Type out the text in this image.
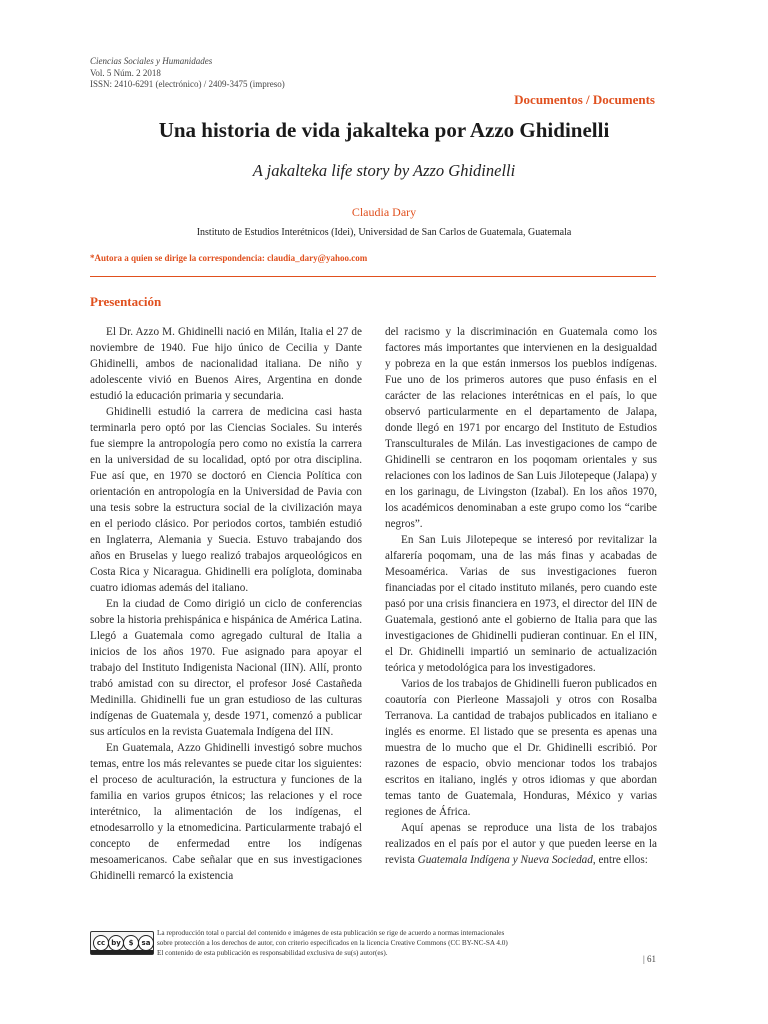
Ciencias Sociales y Humanidades
Vol. 5 Núm. 2 2018
ISSN: 2410-6291 (electrónico) / 2409-3475 (impreso)
Documentos / Documents
Una historia de vida jakalteka por Azzo Ghidinelli
A jakalteka life story by Azzo Ghidinelli
Claudia Dary
Instituto de Estudios Interétnicos (Idei), Universidad de San Carlos de Guatemala, Guatemala
*Autora a quien se dirige la correspondencia: claudia_dary@yahoo.com
Presentación

El Dr. Azzo M. Ghidinelli nació en Milán, Italia el 27 de noviembre de 1940. Fue hijo único de Cecilia y Dante Ghidinelli, ambos de nacionalidad italiana. De niño y adolescente vivió en Buenos Aires, Argentina en donde estudió la educación primaria y secundaria.

Ghidinelli estudió la carrera de medicina casi hasta terminarla pero optó por las Ciencias Sociales. Su interés fue siempre la antropología pero como no existía la carrera en la universidad de su localidad, optó por otra disciplina. Fue así que, en 1970 se doctoró en Ciencia Política con orientación en antropología en la Universidad de Pavia con una tesis sobre la estructura social de la civilización maya en el periodo clásico. Por periodos cortos, también estudió en Inglaterra, Alemania y Suecia. Estuvo trabajando dos años en Bruselas y luego realizó trabajos arqueológicos en Costa Rica y Nicaragua. Ghidinelli era políglota, dominaba cuatro idiomas además del italiano.

En la ciudad de Como dirigió un ciclo de conferencias sobre la historia prehispánica e hispánica de América Latina. Llegó a Guatemala como agregado cultural de Italia a inicios de los años 1970. Fue asignado para apoyar el trabajo del Instituto Indigenista Nacional (IIN). Allí, pronto trabó amistad con su director, el profesor José Castañeda Medinilla. Ghidinelli fue un gran estudioso de las culturas indígenas de Guatemala y, desde 1971, comenzó a publicar sus artículos en la revista Guatemala Indígena del IIN.

En Guatemala, Azzo Ghidinelli investigó sobre muchos temas, entre los más relevantes se puede citar los siguientes: el proceso de aculturación, la estructura y funciones de la familia en varios grupos étnicos; las relaciones y el roce interétnico, la alimentación de los indígenas, el etnodesarrollo y la etnomedicina. Particularmente trabajó el concepto de enfermedad entre los indígenas mesoamericanos. Cabe señalar que en sus investigaciones Ghidinelli remarcó la existencia

del racismo y la discriminación en Guatemala como los factores más importantes que intervienen en la desigualdad y pobreza en la que están inmersos los pueblos indígenas. Fue uno de los primeros autores que puso énfasis en el carácter de las relaciones interétnicas en el país, lo que observó particularmente en el departamento de Jalapa, donde llegó en 1971 por encargo del Instituto de Estudios Transculturales de Milán. Las investigaciones de campo de Ghidinelli se centraron en los poqomam orientales y sus relaciones con los ladinos de San Luis Jilotepeque (Jalapa) y en los garinagu, de Livingston (Izabal). En los años 1970, los académicos denominaban a este grupo como los “caribe negros”.

En San Luis Jilotepeque se interesó por revitalizar la alfarería poqomam, una de las más finas y acabadas de Mesoamérica. Varias de sus investigaciones fueron financiadas por el citado instituto milanés, pero cuando este pasó por una crisis financiera en 1973, el director del IIN de Guatemala, gestionó ante el gobierno de Italia para que las investigaciones de Ghidinelli pudieran continuar. En el IIN, el Dr. Ghidinelli impartió un seminario de actualización teórica y metodológica para los investigadores.

Varios de los trabajos de Ghidinelli fueron publicados en coautoría con Pierleone Massajoli y otros con Rosalba Terranova. La cantidad de trabajos publicados en italiano e inglés es enorme. El listado que se presenta es apenas una muestra de lo mucho que el Dr. Ghidinelli escribió. Por razones de espacio, obvio mencionar todos los trabajos escritos en italiano, inglés y otros idiomas y que abordan temas tanto de Guatemala, Honduras, México y varias regiones de África.

Aquí apenas se reproduce una lista de los trabajos realizados en el país por el autor y que pueden leerse en la revista Guatemala Indígena y Nueva Sociedad, entre ellos:

cc by	$	sa
La reproducción total o parcial del contenido e imágenes de esta publicación se rige de acuerdo a normas internacionales
sobre protección a los derechos de autor, con criterio especificados en la licencia Creative Commons (CC BY-NC-SA 4.0)
El contenido de esta publicación es responsabilidad exclusiva de su(s) autor(es).
| 61
